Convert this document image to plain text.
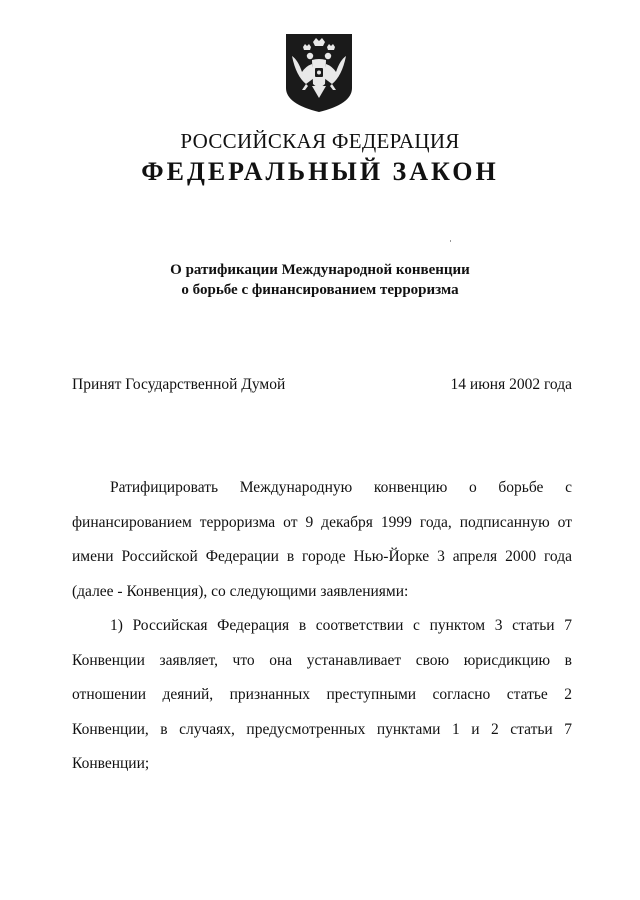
РОССИЙСКАЯ ФЕДЕРАЦИЯ
ФЕДЕРАЛЬНЫЙ ЗАКОН
О ратификации Международной конвенции
о борьбе с финансированием терроризма
Принят Государственной Думой	14 июня 2002 года
Ратифицировать Международную конвенцию о борьбе с
финансированием терроризма от 9 декабря 1999 года, подписанную от
имени Российской Федерации в городе Нью-Йорке 3 апреля 2000 года
(далее - Конвенция), со следующими заявлениями:
1) Российская Федерация в соответствии с пунктом 3 статьи 7
Конвенции заявляет, что она устанавливает свою юрисдикцию в
отношении деяний, признанных преступными согласно статье 2
Конвенции, в случаях, предусмотренных пунктами 1 и 2 статьи 7
Конвенции;
